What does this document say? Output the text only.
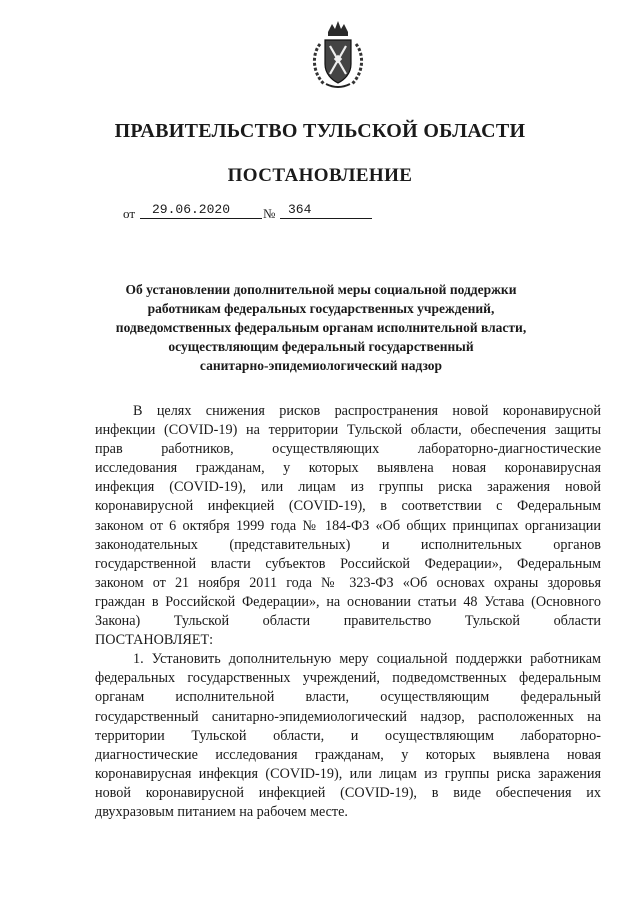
ПРАВИТЕЛЬСТВО ТУЛЬСКОЙ ОБЛАСТИ
ПОСТАНОВЛЕНИЕ
от 29.06.2020	№ 364
Об установлении дополнительной меры социальной поддержки
работникам федеральных государственных учреждений,
подведомственных федеральным органам исполнительной власти,
осуществляющим федеральный государственный
санитарно-эпидемиологический надзор
В целях снижения рисков распространения новой коронавирусной
инфекции (COVID-19) на территории Тульской области, обеспечения защиты
прав работников, осуществляющих лабораторно-диагностические
исследования гражданам, у которых выявлена новая коронавирусная
инфекция (COVID-19), или лицам из группы риска заражения новой
коронавирусной инфекцией (COVID-19), в соответствии с Федеральным
законом от 6 октября 1999 года № 184-ФЗ «Об общих принципах организации
законодательных (представительных) и исполнительных органов
государственной власти субъектов Российской Федерации», Федеральным
законом от 21 ноября 2011 года № 323-ФЗ «Об основах охраны здоровья
граждан в Российской Федерации», на основании статьи 48 Устава (Основного
Закона) Тульской области правительство Тульской области
ПОСТАНОВЛЯЕТ:
1. Установить дополнительную меру социальной поддержки работникам
федеральных государственных учреждений, подведомственных федеральным
органам исполнительной власти, осуществляющим федеральный
государственный санитарно-эпидемиологический надзор, расположенных на
территории Тульской области, и осуществляющим лабораторно-
диагностические исследования гражданам, у которых выявлена новая
коронавирусная инфекция (COVID-19), или лицам из группы риска заражения
новой коронавирусной инфекцией (COVID-19), в виде обеспечения их
двухразовым питанием на рабочем месте.
